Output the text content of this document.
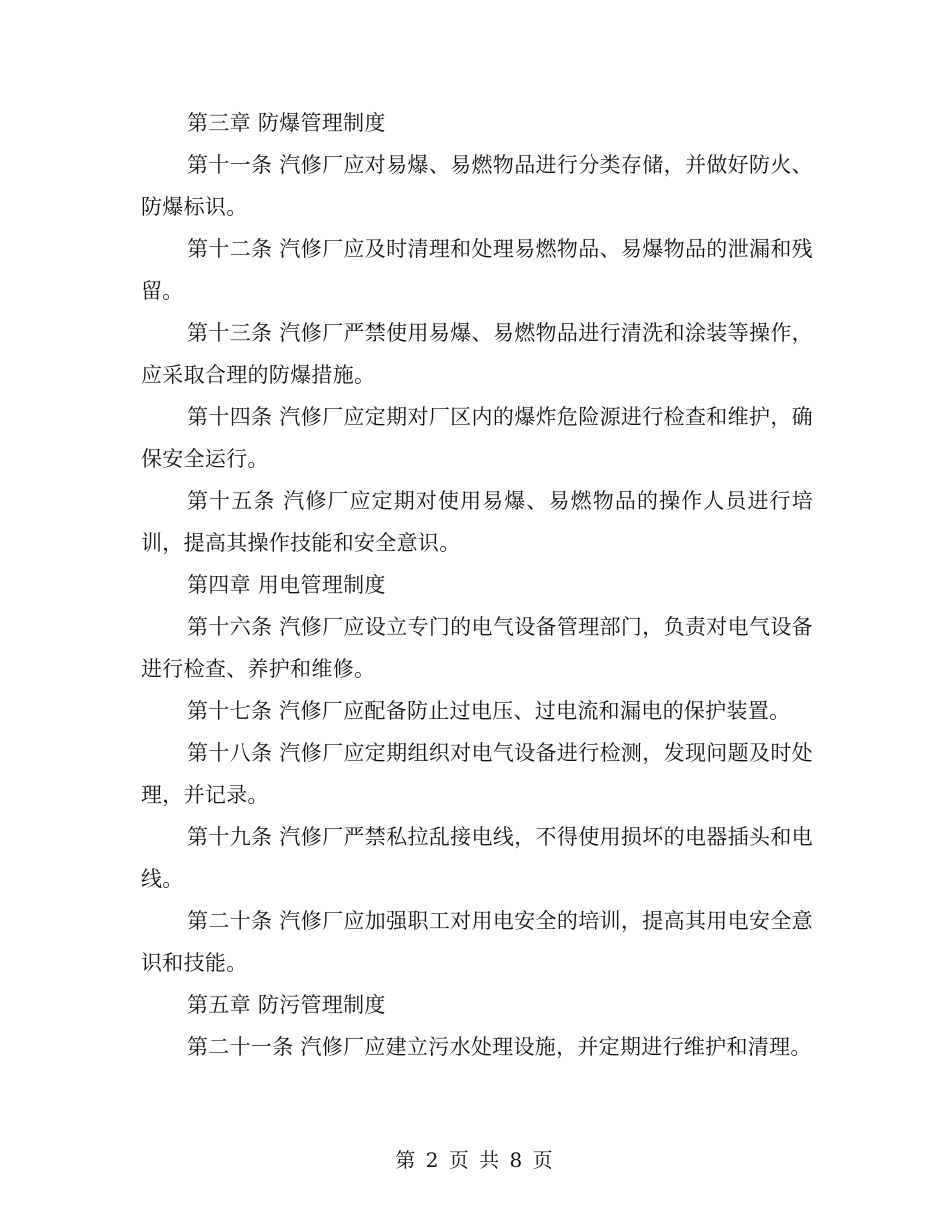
第三章 防爆管理制度

第十一条 汽修厂应对易爆、易燃物品进行分类存储，并做好防火、防爆标识。

第十二条 汽修厂应及时清理和处理易燃物品、易爆物品的泄漏和残留。

第十三条 汽修厂严禁使用易爆、易燃物品进行清洗和涂装等操作，应采取合理的防爆措施。

第十四条 汽修厂应定期对厂区内的爆炸危险源进行检查和维护，确保安全运行。

第十五条 汽修厂应定期对使用易爆、易燃物品的操作人员进行培训，提高其操作技能和安全意识。

第四章 用电管理制度

第十六条 汽修厂应设立专门的电气设备管理部门，负责对电气设备进行检查、养护和维修。

第十七条 汽修厂应配备防止过电压、过电流和漏电的保护装置。

第十八条 汽修厂应定期组织对电气设备进行检测，发现问题及时处理，并记录。

第十九条 汽修厂严禁私拉乱接电线，不得使用损坏的电器插头和电线。

第二十条 汽修厂应加强职工对用电安全的培训，提高其用电安全意识和技能。

第五章 防污管理制度

第二十一条 汽修厂应建立污水处理设施，并定期进行维护和清理。

第 2 页 共 8 页
